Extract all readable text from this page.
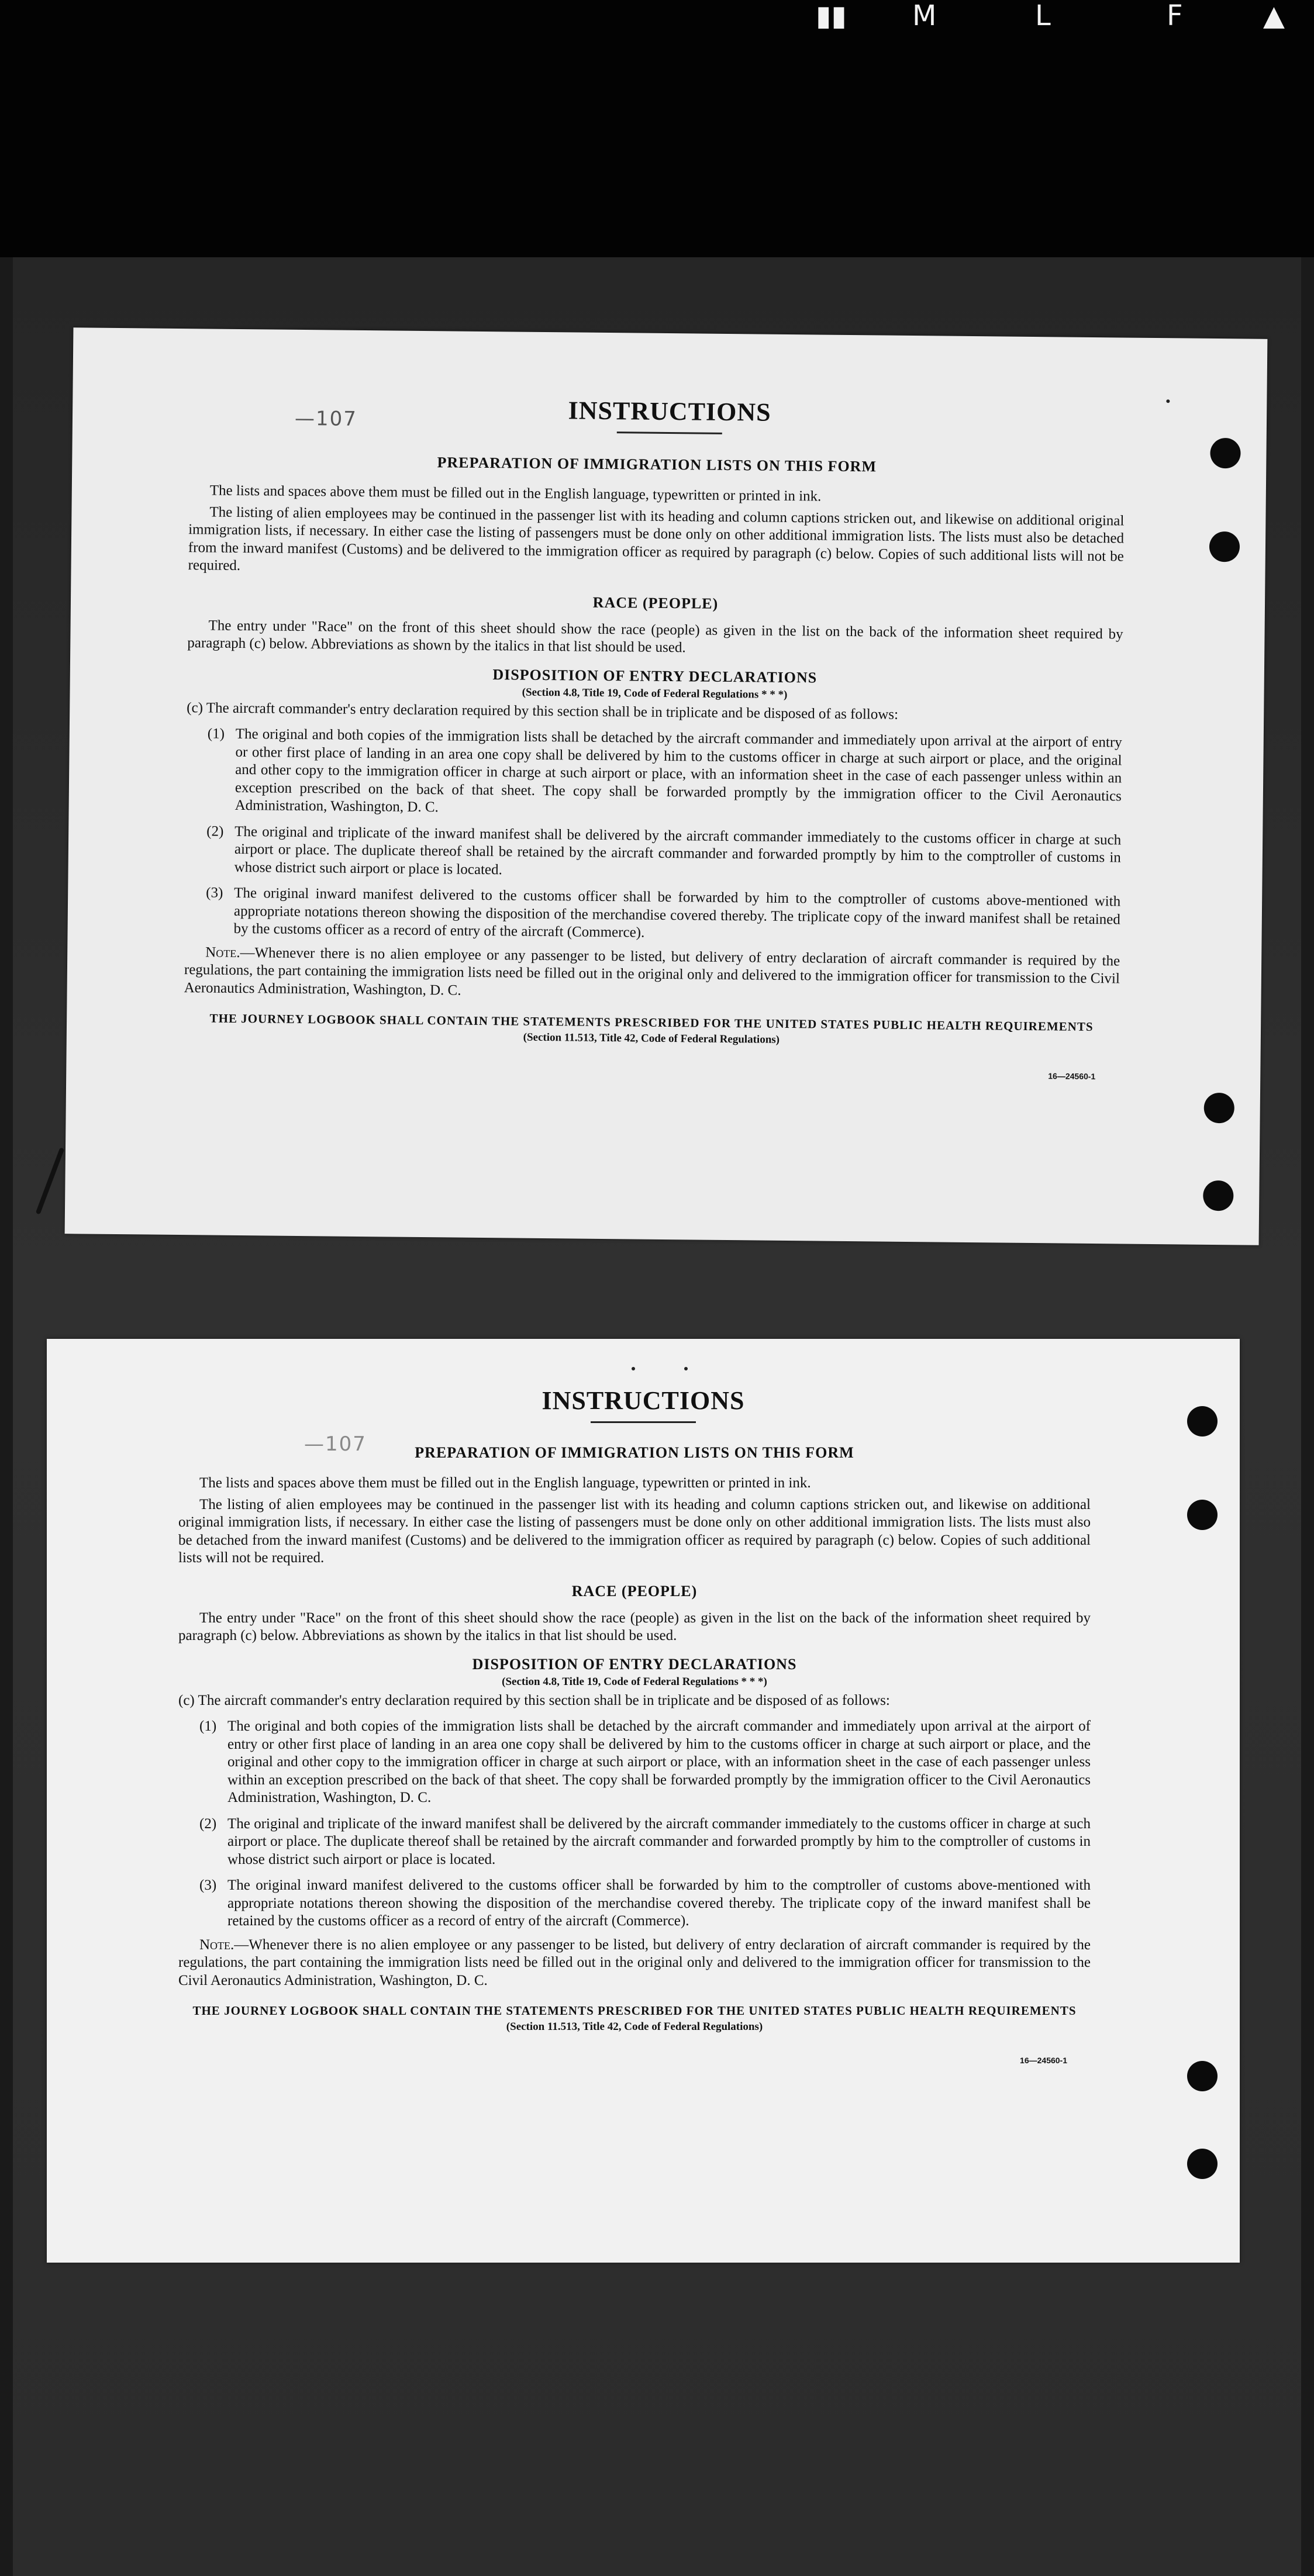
▮▮ M	L	F	▲
—107	INSTRUCTIONS

PREPARATION OF IMMIGRATION LISTS ON THIS FORM

The lists and spaces above them must be filled out in the English language, typewritten or printed in ink.

The listing of alien employees may be continued in the passenger list with its heading and column captions stricken out, and likewise on additional original immigration lists, if necessary. In either case the listing of passengers must be done only on other additional immigration lists. The lists must also be detached from the inward manifest (Customs) and be delivered to the immigration officer as required by paragraph (c) below. Copies of such additional lists will not be required.

RACE (PEOPLE)

The entry under "Race" on the front of this sheet should show the race (people) as given in the list on the back of the information sheet required by paragraph (c) below. Abbreviations as shown by the italics in that list should be used.

DISPOSITION OF ENTRY DECLARATIONS

(Section 4.8, Title 19, Code of Federal Regulations * * *)

(c) The aircraft commander's entry declaration required by this section shall be in triplicate and be disposed of as follows:

(1) The original and both copies of the immigration lists shall be detached by the aircraft commander and immediately upon arrival at the airport of entry or other first place of landing in an area one copy shall be delivered by him to the customs officer in charge at such airport or place, and the original and other copy to the immigration officer in charge at such airport or place, with an information sheet in the case of each passenger unless within an exception prescribed on the back of that sheet. The copy shall be forwarded promptly by the immigration officer to the Civil Aeronautics Administration, Washington, D. C.
(2) The original and triplicate of the inward manifest shall be delivered by the aircraft commander immediately to the customs officer in charge at such airport or place. The duplicate thereof shall be retained by the aircraft commander and forwarded promptly by him to the comptroller of customs in whose district such airport or place is located.
(3) The original inward manifest delivered to the customs officer shall be forwarded by him to the comptroller of customs above-mentioned with appropriate notations thereon showing the disposition of the merchandise covered thereby. The triplicate copy of the inward manifest shall be retained by the customs officer as a record of entry of the aircraft (Commerce).

Note.—Whenever there is no alien employee or any passenger to be listed, but delivery of entry declaration of aircraft commander is required by the regulations, the part containing the immigration lists need be filled out in the original only and delivered to the immigration officer for transmission to the Civil Aeronautics Administration, Washington, D. C.

THE JOURNEY LOGBOOK SHALL CONTAIN THE STATEMENTS PRESCRIBED FOR THE UNITED STATES PUBLIC HEALTH REQUIREMENTS

(Section 11.513, Title 42, Code of Federal Regulations)

16—24560-1

—107
INSTRUCTIONS

PREPARATION OF IMMIGRATION LISTS ON THIS FORM

The lists and spaces above them must be filled out in the English language, typewritten or printed in ink.

The listing of alien employees may be continued in the passenger list with its heading and column captions stricken out, and likewise on additional original immigration lists, if necessary. In either case the listing of passengers must be done only on other additional immigration lists. The lists must also be detached from the inward manifest (Customs) and be delivered to the immigration officer as required by paragraph (c) below. Copies of such additional lists will not be required.

RACE (PEOPLE)

The entry under "Race" on the front of this sheet should show the race (people) as given in the list on the back of the information sheet required by paragraph (c) below. Abbreviations as shown by the italics in that list should be used.

DISPOSITION OF ENTRY DECLARATIONS

(Section 4.8, Title 19, Code of Federal Regulations * * *)

(c) The aircraft commander's entry declaration required by this section shall be in triplicate and be disposed of as follows:

(1) The original and both copies of the immigration lists shall be detached by the aircraft commander and immediately upon arrival at the airport of entry or other first place of landing in an area one copy shall be delivered by him to the customs officer in charge at such airport or place, and the original and other copy to the immigration officer in charge at such airport or place, with an information sheet in the case of each passenger unless within an exception prescribed on the back of that sheet. The copy shall be forwarded promptly by the immigration officer to the Civil Aeronautics Administration, Washington, D. C.
(2) The original and triplicate of the inward manifest shall be delivered by the aircraft commander immediately to the customs officer in charge at such airport or place. The duplicate thereof shall be retained by the aircraft commander and forwarded promptly by him to the comptroller of customs in whose district such airport or place is located.
(3) The original inward manifest delivered to the customs officer shall be forwarded by him to the comptroller of customs above-mentioned with appropriate notations thereon showing the disposition of the merchandise covered thereby. The triplicate copy of the inward manifest shall be retained by the customs officer as a record of entry of the aircraft (Commerce).

Note.—Whenever there is no alien employee or any passenger to be listed, but delivery of entry declaration of aircraft commander is required by the regulations, the part containing the immigration lists need be filled out in the original only and delivered to the immigration officer for transmission to the Civil Aeronautics Administration, Washington, D. C.

THE JOURNEY LOGBOOK SHALL CONTAIN THE STATEMENTS PRESCRIBED FOR THE UNITED STATES PUBLIC HEALTH REQUIREMENTS

(Section 11.513, Title 42, Code of Federal Regulations)

16—24560-1
